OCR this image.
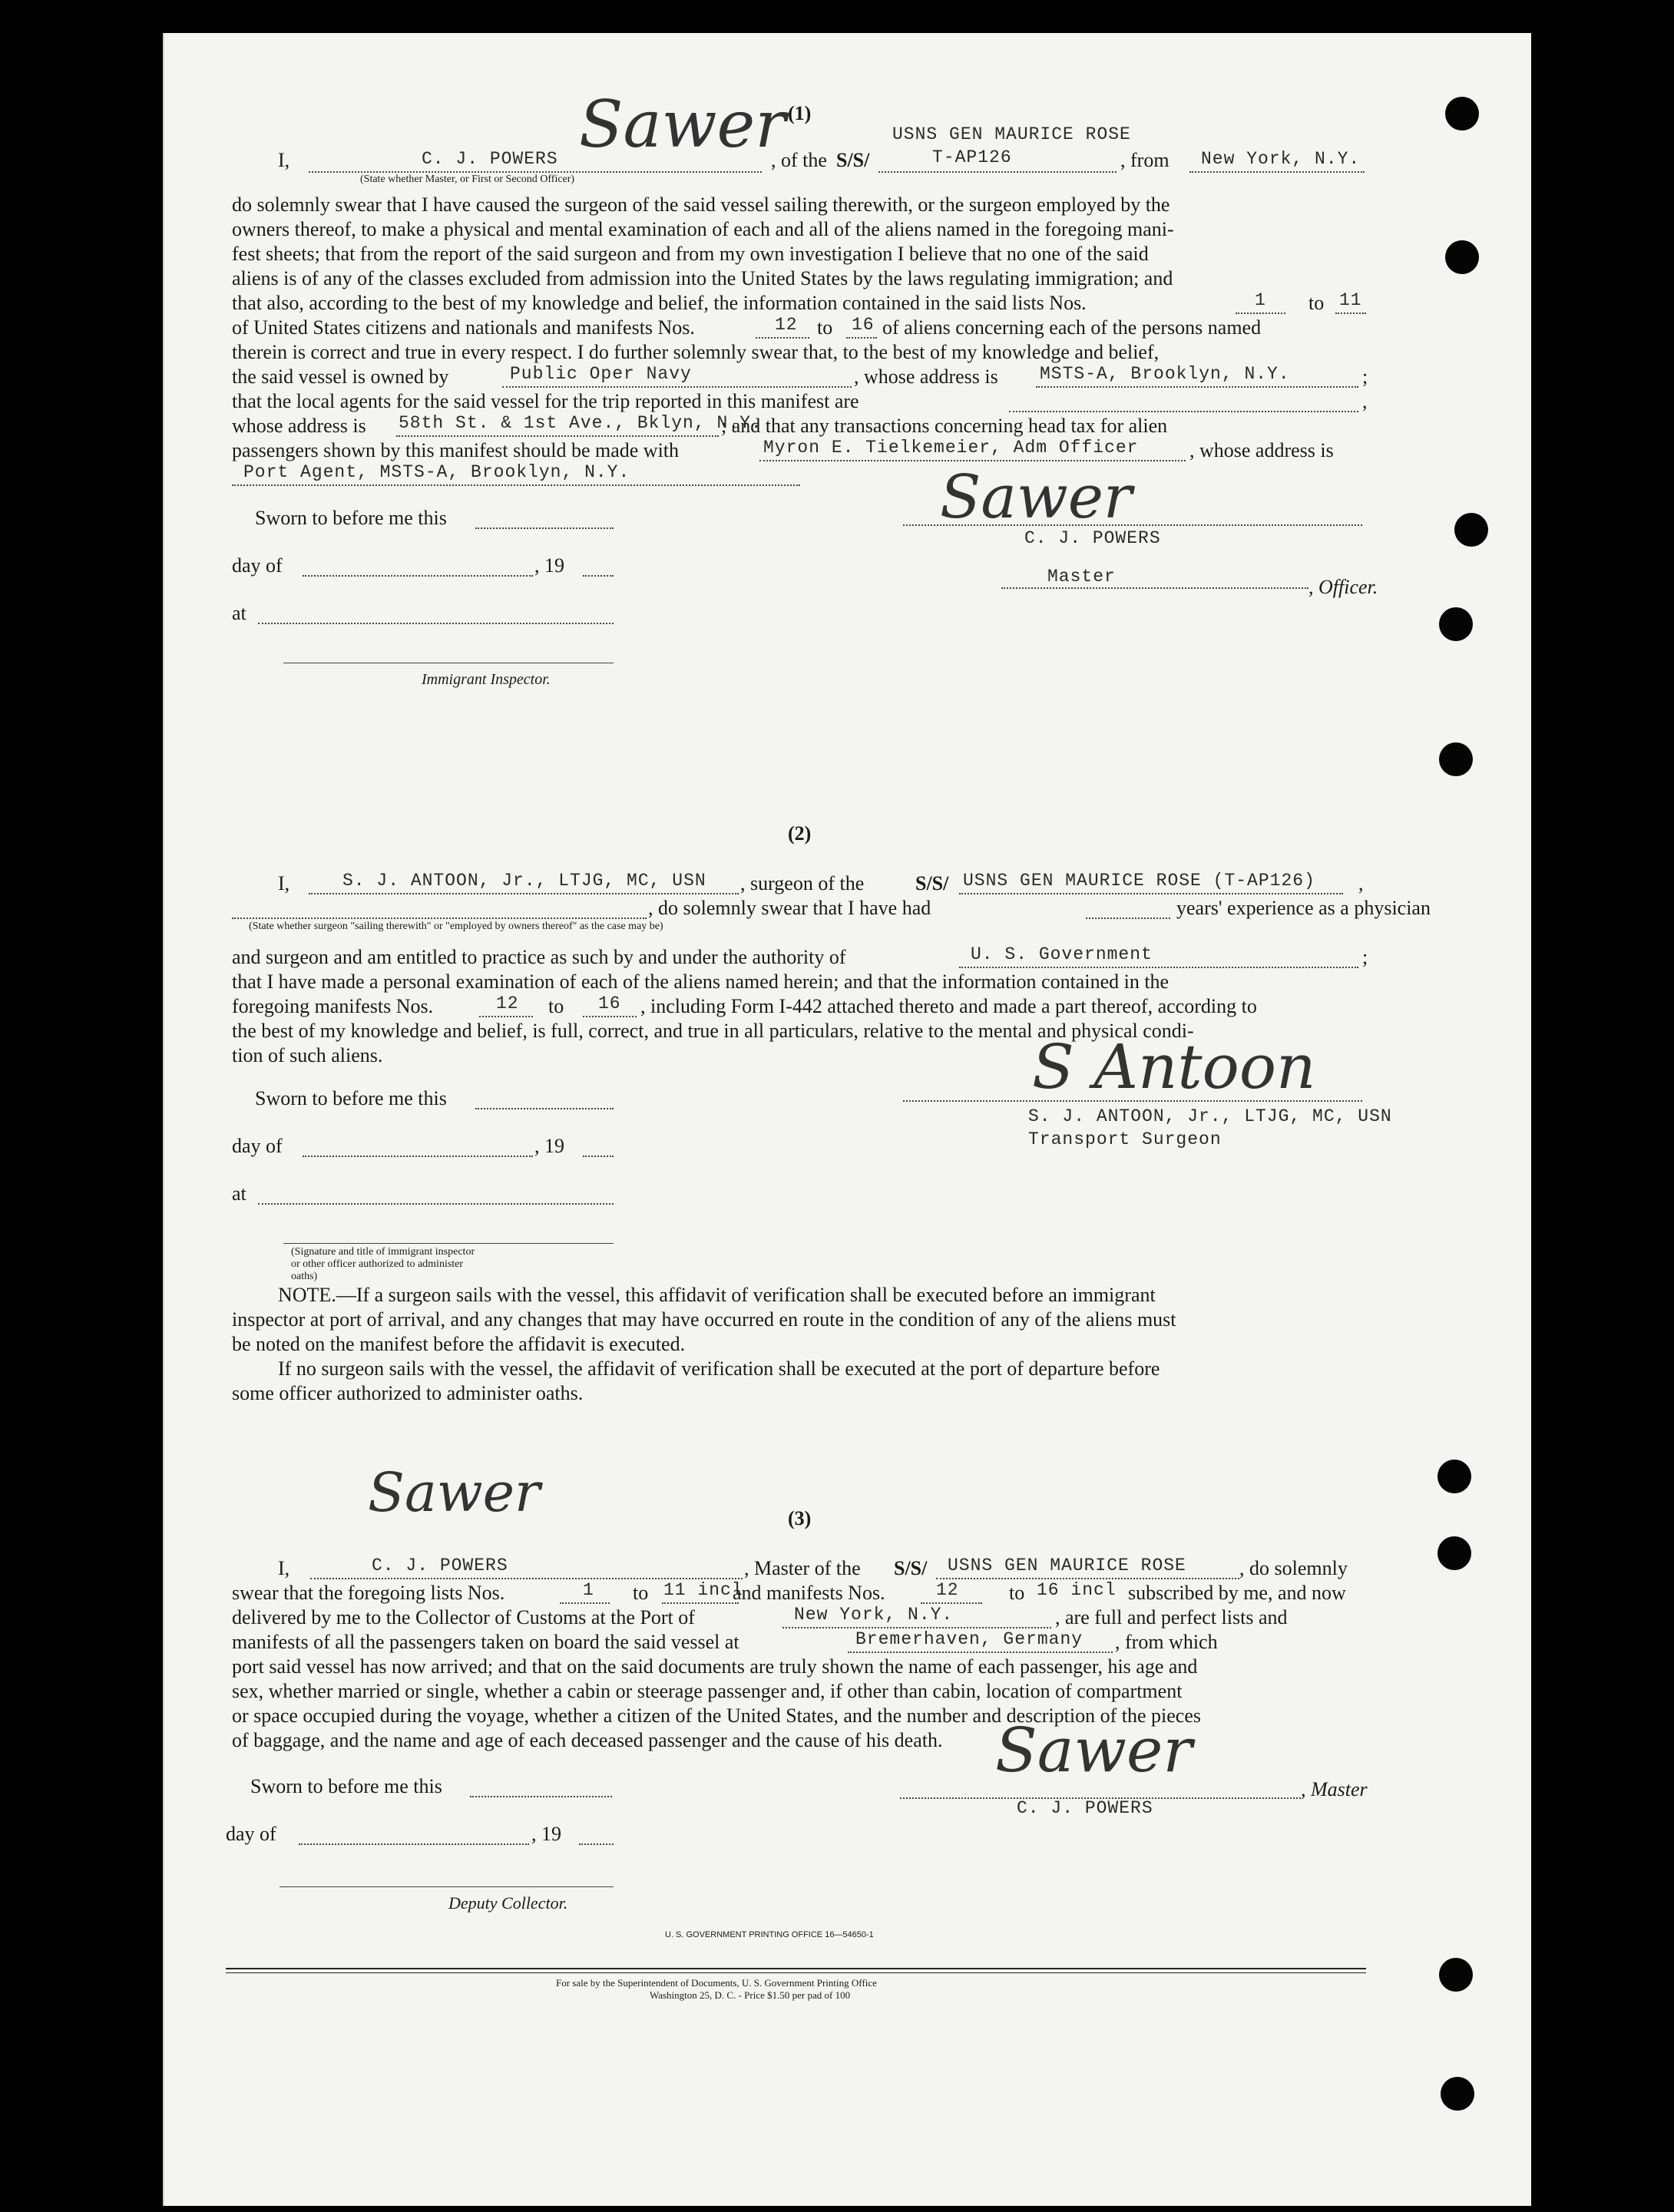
(1)
USNS GEN MAURICE ROSE
I,	C. J. POWERS Sawer
, of the S/S/	T-AP126	, from New York, N.Y.
(State whether Master, or First or Second Officer)
do solemnly swear that I have caused the surgeon of the said vessel sailing therewith, or the surgeon employed by the
owners thereof, to make a physical and mental examination of each and all of the aliens named in the foregoing mani-
fest sheets; that from the report of the said surgeon and from my own investigation I believe that no one of the said
aliens is of any of the classes excluded from admission into the United States by the laws regulating immigration; and
that also, according to the best of my knowledge and belief, the information contained in the said lists Nos.	1 to 11
of United States citizens and nationals and manifests Nos.	12 to 16 of aliens concerning each of the persons named
therein is correct and true in every respect. I do further solemnly swear that, to the best of my knowledge and belief,
the said vessel is owned by	Public Oper Navy	, whose address is MSTS-A, Brooklyn, N.Y.	;
that the local agents for the said vessel for the trip reported in this manifest are	,
whose address is 58th St. & 1st Ave., Bklyn, N.Y.
; and that any transactions concerning head tax for alien
passengers shown by this manifest should be made with	Myron E. Tielkemeier, Adm Officer	, whose address is
Port Agent, MSTS-A, Brooklyn, N.Y.
Sworn to before me this
day of	, 19
at
Immigrant Inspector.
Sawer
C. J. POWERS
Master	, Officer.
(2)
I,	S. J. ANTOON, Jr., LTJG, MC, USN , surgeon of the	S/S/ USNS GEN MAURICE ROSE (T-AP126) ,
, do solemnly swear that I have had	years' experience as a physician
(State whether surgeon "sailing therewith" or "employed by owners thereof" as the case may be)
and surgeon and am entitled to practice as such by and under the authority of	U. S. Government	;
that I have made a personal examination of each of the aliens named herein; and that the information contained in the
foregoing manifests Nos.	12 to 16 , including Form I-442 attached thereto and made a part thereof, according to
the best of my knowledge and belief, is full, correct, and true in all particulars, relative to the mental and physical condi-
tion of such aliens.
Sworn to before me this
day of	, 19
at
(Signature and title of immigrant inspector or other officer authorized to administer oaths)
S Antoon
S. J. ANTOON, Jr., LTJG, MC, USN
Transport Surgeon
NOTE.—If a surgeon sails with the vessel, this affidavit of verification shall be executed before an immigrant
inspector at port of arrival, and any changes that may have occurred en route in the condition of any of the aliens must
be noted on the manifest before the affidavit is executed.
If no surgeon sails with the vessel, the affidavit of verification shall be executed at the port of departure before
some officer authorized to administer oaths.
(3)
Sawer
I,	C. J. POWERS	, Master of the S/S/ USNS GEN MAURICE ROSE	, do solemnly
swear that the foregoing lists Nos.	1 to 11 incl
and manifests Nos.	12	to 16 incl subscribed by me, and now
delivered by me to the Collector of Customs at the Port of	New York, N.Y.	, are full and perfect lists and
manifests of all the passengers taken on board the said vessel at	Bremerhaven, Germany , from which
port said vessel has now arrived; and that on the said documents are truly shown the name of each passenger, his age and
sex, whether married or single, whether a cabin or steerage passenger and, if other than cabin, location of compartment
or space occupied during the voyage, whether a citizen of the United States, and the number and description of the pieces
of baggage, and the name and age of each deceased passenger and the cause of his death.
Sworn to before me this
day of	, 19
Deputy Collector.
Sawer
, Master
C. J. POWERS
U. S. GOVERNMENT PRINTING OFFICE 16—54650-1
For sale by the Superintendent of Documents, U. S. Government Printing Office
Washington 25, D. C. - Price $1.50 per pad of 100
